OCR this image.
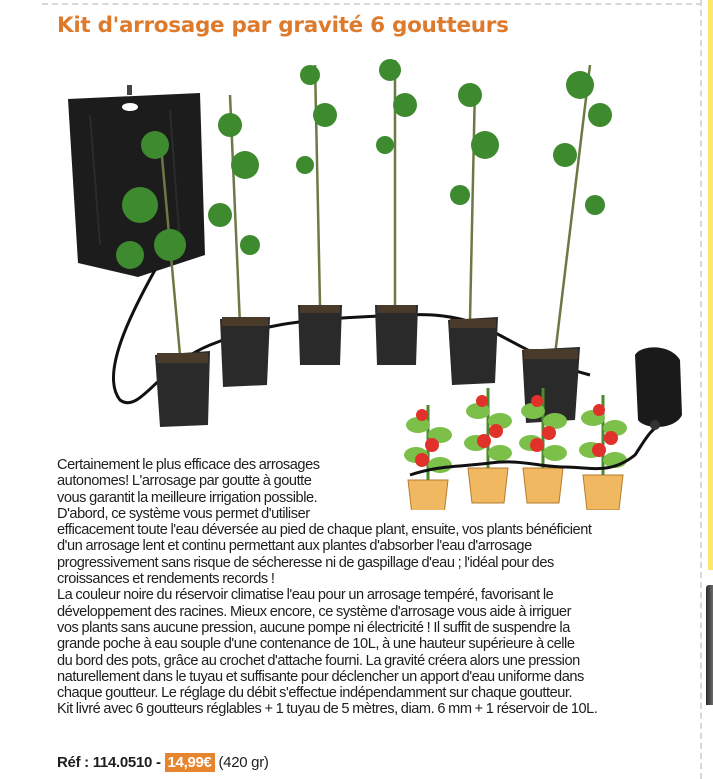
Kit d'arrosage par gravité 6 goutteurs
Certainement le plus efficace des arrosages
autonomes! L'arrosage par goutte à goutte
vous garantit la meilleure irrigation possible.
D'abord, ce système vous permet d'utiliser
efficacement toute l'eau déversée au pied de chaque plant, ensuite, vos plants bénéficient
d'un arrosage lent et continu permettant aux plantes d'absorber l'eau d'arrosage
progressivement sans risque de sécheresse ni de gaspillage d'eau ; l'idéal pour des
croissances et rendements records !
La couleur noire du réservoir climatise l'eau pour un arrosage tempéré, favorisant le
développement des racines. Mieux encore, ce système d'arrosage vous aide à irriguer
vos plants sans aucune pression, aucune pompe ni électricité ! Il suffit de suspendre la
grande poche à eau souple d'une contenance de 10L, à une hauteur supérieure à celle
du bord des pots, grâce au crochet d'attache fourni. La gravité créera alors une pression
naturellement dans le tuyau et suffisante pour déclencher un apport d'eau uniforme dans
chaque goutteur. Le réglage du débit s'effectue indépendamment sur chaque goutteur.
Kit livré avec 6 goutteurs réglables + 1 tuyau de 5 mètres, diam. 6 mm + 1 réservoir de 10L.
Réf : 114.0510 - 14,99€ (420 gr)
